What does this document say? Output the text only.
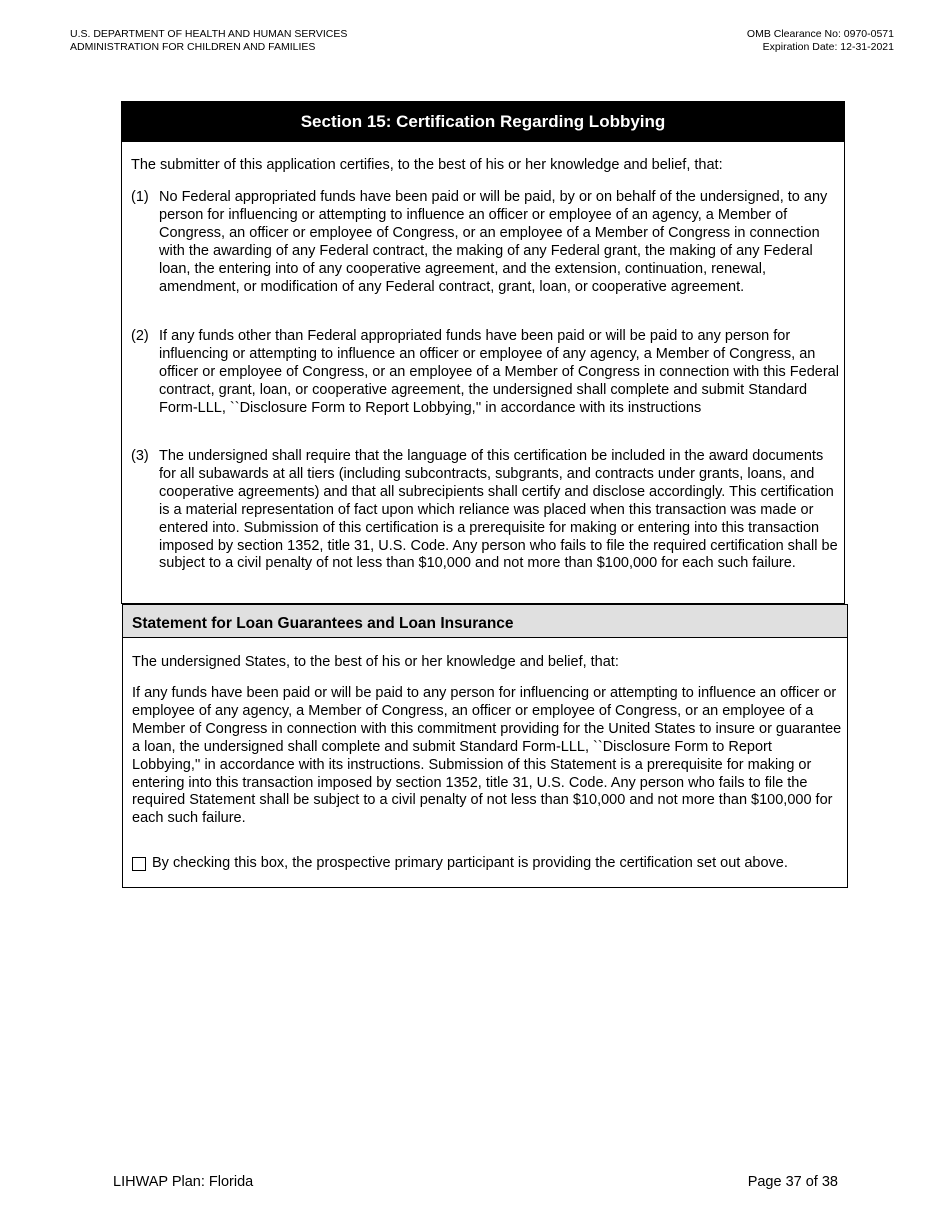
U.S. DEPARTMENT OF HEALTH AND HUMAN SERVICES
ADMINISTRATION FOR CHILDREN AND FAMILIES
OMB Clearance No: 0970-0571
Expiration Date: 12-31-2021
Section 15: Certification Regarding Lobbying
The submitter of this application certifies, to the best of his or her knowledge and belief, that:
(1) No Federal appropriated funds have been paid or will be paid, by or on behalf of the undersigned, to any person for influencing or attempting to influence an officer or employee of an agency, a Member of Congress, an officer or employee of Congress, or an employee of a Member of Congress in connection with the awarding of any Federal contract, the making of any Federal grant, the making of any Federal loan, the entering into of any cooperative agreement, and the extension, continuation, renewal, amendment, or modification of any Federal contract, grant, loan, or cooperative agreement.
(2) If any funds other than Federal appropriated funds have been paid or will be paid to any person for influencing or attempting to influence an officer or employee of any agency, a Member of Congress, an officer or employee of Congress, or an employee of a Member of Congress in connection with this Federal contract, grant, loan, or cooperative agreement, the undersigned shall complete and submit Standard Form-LLL, ``Disclosure Form to Report Lobbying,'' in accordance with its instructions
(3) The undersigned shall require that the language of this certification be included in the award documents for all subawards at all tiers (including subcontracts, subgrants, and contracts under grants, loans, and cooperative agreements) and that all subrecipients shall certify and disclose accordingly. This certification is a material representation of fact upon which reliance was placed when this transaction was made or entered into. Submission of this certification is a prerequisite for making or entering into this transaction imposed by section 1352, title 31, U.S. Code. Any person who fails to file the required certification shall be subject to a civil penalty of not less than $10,000 and not more than $100,000 for each such failure.
Statement for Loan Guarantees and Loan Insurance
The undersigned States, to the best of his or her knowledge and belief, that:
If any funds have been paid or will be paid to any person for influencing or attempting to influence an officer or employee of any agency, a Member of Congress, an officer or employee of Congress, or an employee of a Member of Congress in connection with this commitment providing for the United States to insure or guarantee a loan, the undersigned shall complete and submit Standard Form-LLL, ``Disclosure Form to Report Lobbying,'' in accordance with its instructions. Submission of this Statement is a prerequisite for making or entering into this transaction imposed by section 1352, title 31, U.S. Code. Any person who fails to file the required Statement shall be subject to a civil penalty of not less than $10,000 and not more than $100,000 for each such failure.
By checking this box, the prospective primary participant is providing the certification set out above.
LIHWAP Plan: Florida	Page 37 of 38
